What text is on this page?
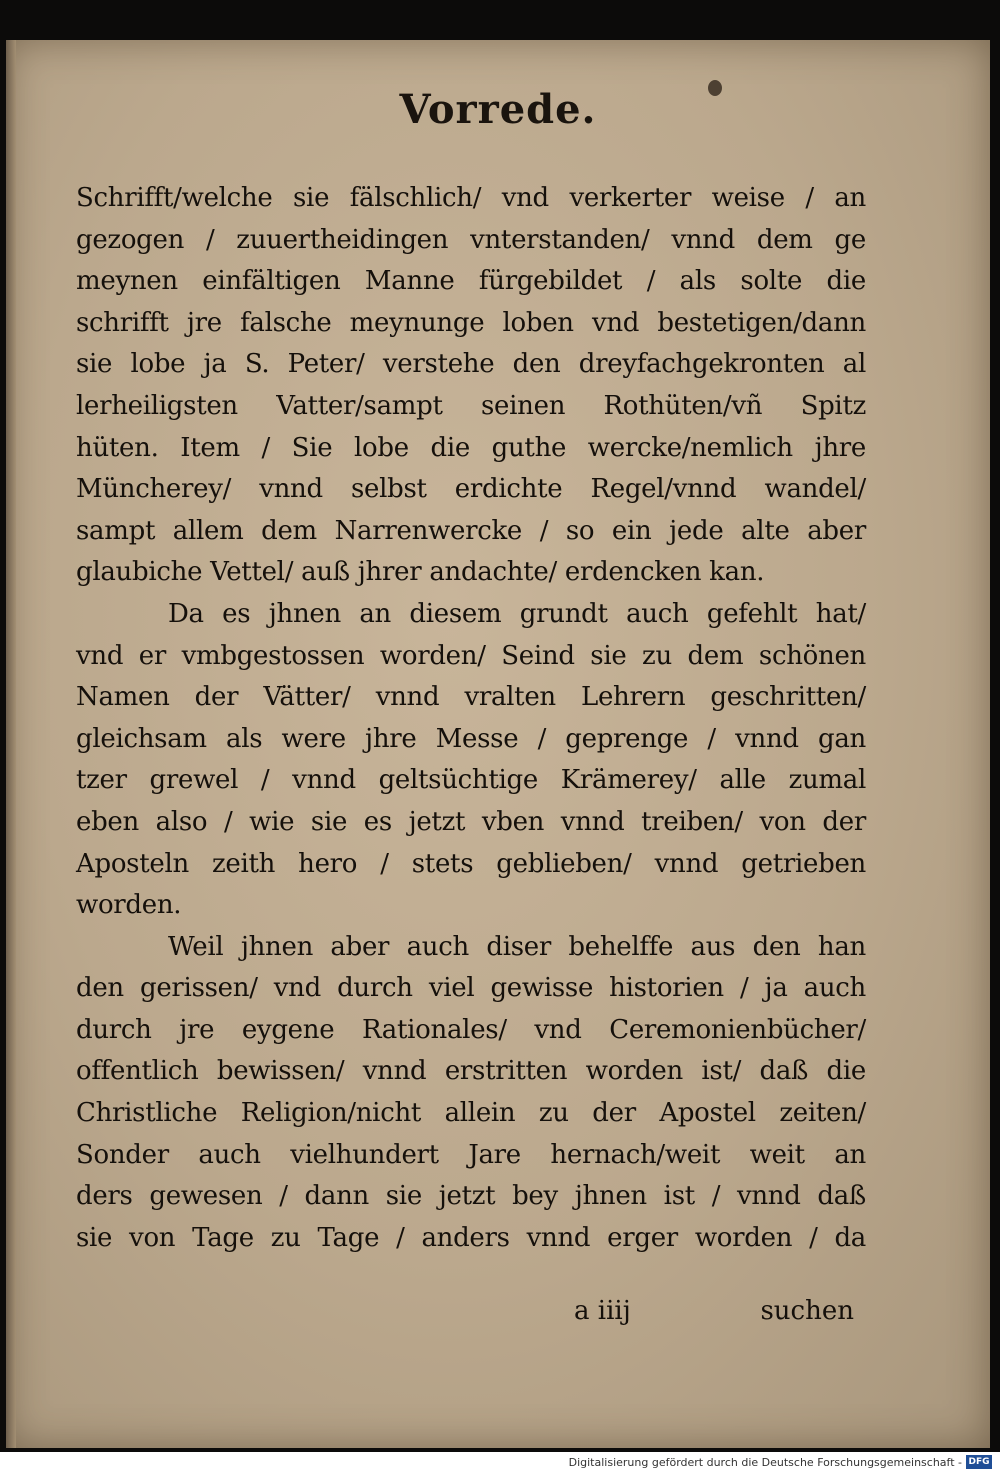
Vorrede.
Schrifft/welche sie fälschlich/ vnd verkerter weise / an
gezogen / zuuertheidingen vnterstanden/ vnnd dem ge
meynen einfältigen Manne fürgebildet / als solte die
schrifft jre falsche meynunge loben vnd bestetigen/dann
sie lobe ja S. Peter/ verstehe den dreyfachgekronten al
lerheiligsten Vatter/sampt seinen Rothüten/vñ Spitz
hüten. Item / Sie lobe die guthe wercke/nemlich jhre
Müncherey/ vnnd selbst erdichte Regel/vnnd wandel/
sampt allem dem Narrenwercke / so ein jede alte aber
glaubiche Vettel/ auß jhrer andachte/ erdencken kan.
Da es jhnen an diesem grundt auch gefehlt hat/
vnd er vmbgestossen worden/ Seind sie zu dem schönen
Namen der Vätter/ vnnd vralten Lehrern geschritten/
gleichsam als were jhre Messe / geprenge / vnnd gan
tzer grewel / vnnd geltsüchtige Krämerey/ alle zumal
eben also / wie sie es jetzt vben vnnd treiben/ von der
Aposteln zeith hero / stets geblieben/ vnnd getrieben
worden.
Weil jhnen aber auch diser behelffe aus den han
den gerissen/ vnd durch viel gewisse historien / ja auch
durch jre eygene Rationales/ vnd Ceremonienbücher/
offentlich bewissen/ vnnd erstritten worden ist/ daß die
Christliche Religion/nicht allein zu der Apostel zeiten/
Sonder auch vielhundert Jare hernach/weit weit an
ders gewesen / dann sie jetzt bey jhnen ist / vnnd daß
sie von Tage zu Tage / anders vnnd erger worden / da
a iiij	suchen
Digitalisierung gefördert durch die Deutsche Forschungsgemeinschaft - DFG
